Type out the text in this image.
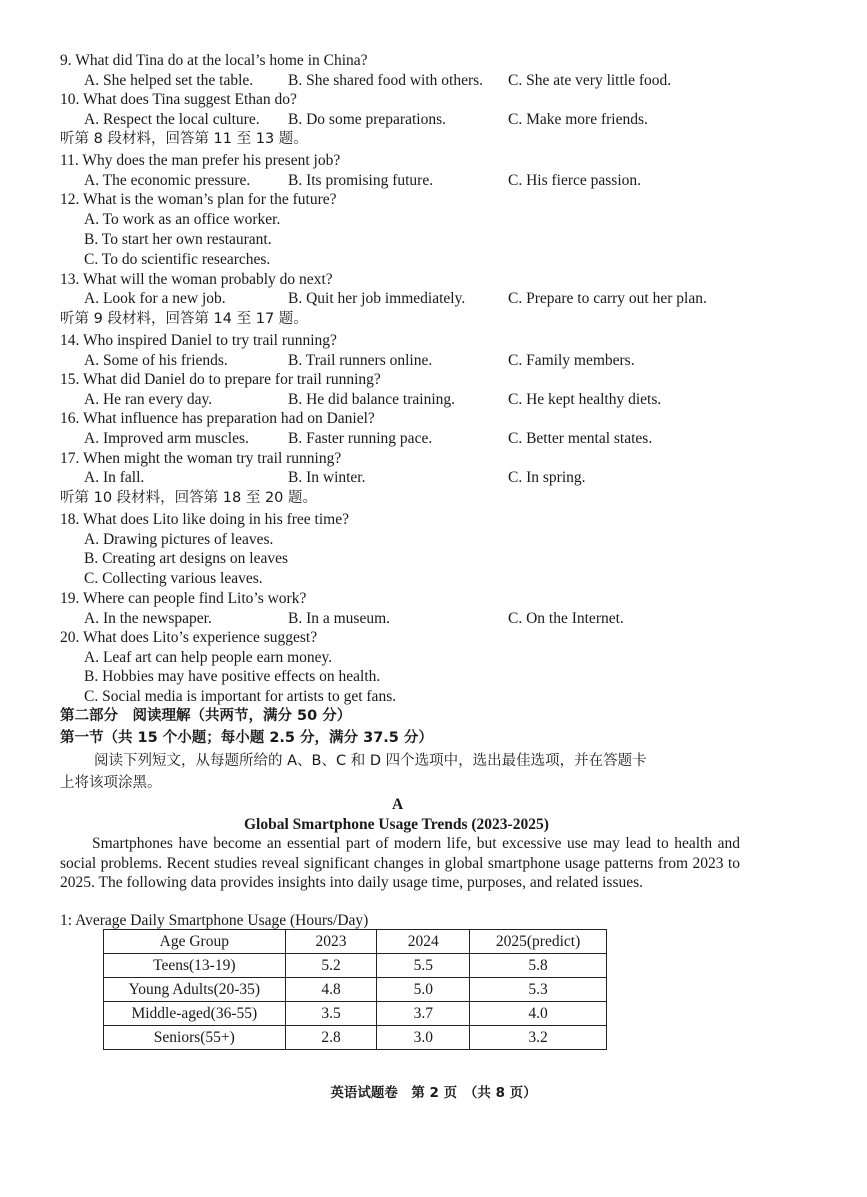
9. What did Tina do at the local’s home in China?
A. She helped set the table. B. She shared food with others. C. She ate very little food.
10. What does Tina suggest Ethan do?
A. Respect the local culture. B. Do some preparations.	C. Make more friends.
听第 8 段材料，回答第 11 至 13 题。
11. Why does the man prefer his present job?
A. The economic pressure. B. Its promising future.	C. His fierce passion.
12. What is the woman’s plan for the future?
A. To work as an office worker.
B. To start her own restaurant.
C. To do scientific researches.
13. What will the woman probably do next?
A. Look for a new job.	B. Quit her job immediately.	C. Prepare to carry out her plan.
听第 9 段材料，回答第 14 至 17 题。
14. Who inspired Daniel to try trail running?
A. Some of his friends.	B. Trail runners online.	C. Family members.
15. What did Daniel do to prepare for trail running?
A. He ran every day.	B. He did balance training.	C. He kept healthy diets.
16. What influence has preparation had on Daniel?
A. Improved arm muscles.	B. Faster running pace.	C. Better mental states.
17. When might the woman try trail running?
A. In fall.	B. In winter.	C. In spring.
听第 10 段材料，回答第 18 至 20 题。
18. What does Lito like doing in his free time?
A. Drawing pictures of leaves.
B. Creating art designs on leaves
C. Collecting various leaves.
19. Where can people find Lito’s work?
A. In the newspaper.	B. In a museum.	C. On the Internet.
20. What does Lito’s experience suggest?
A. Leaf art can help people earn money.
B. Hobbies may have positive effects on health.
C. Social media is important for artists to get fans.
第二部分　阅读理解（共两节，满分 50 分）
第一节（共 15 个小题；每小题 2.5 分，满分 37.5 分）
阅读下列短文，从每题所给的 A、B、C 和 D 四个选项中，选出最佳选项，并在答题卡
上将该项涂黑。
A
Global Smartphone Usage Trends (2023-2025)
Smartphones have become an essential part of modern life, but excessive use may lead to health and social problems. Recent studies reveal significant changes in global smartphone usage patterns from 2023 to 2025. The following data provides insights into daily usage time, purposes, and related issues.
1: Average Daily Smartphone Usage (Hours/Day)
Age Group	2023	2024	2025(predict)
Teens(13-19)	5.2	5.5	5.8
Young Adults(20-35)	4.8	5.0	5.3
Middle-aged(36-55)	3.5	3.7	4.0
Seniors(55+)	2.8	3.0	3.2
英语试题卷　第 2 页　（共 8 页）
